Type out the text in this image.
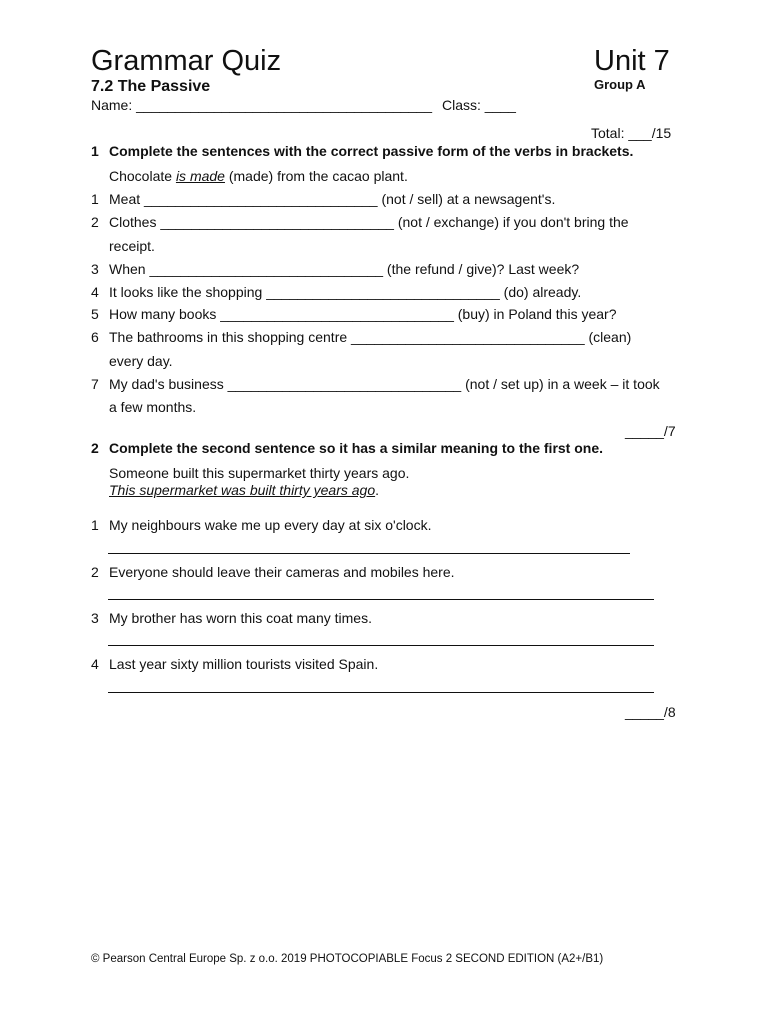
Grammar Quiz	Unit 7
7.2 The Passive	Group A
Name: ______________________________________ Class: ____
Total: ___/15
1 Complete the sentences with the correct passive form of the verbs in brackets.
Chocolate is made (made) from the cacao plant.
1 Meat ______________________________ (not / sell) at a newsagent's.
2 Clothes ______________________________ (not / exchange) if you don't bring the
receipt.
3 When ______________________________ (the refund / give)? Last week?
4 It looks like the shopping ______________________________ (do) already.
5 How many books ______________________________ (buy) in Poland this year?
6 The bathrooms in this shopping centre ______________________________ (clean)
every day.
7 My dad's business ______________________________ (not / set up) in a week – it took
a few months.
_____/7
2 Complete the second sentence so it has a similar meaning to the first one.
Someone built this supermarket thirty years ago.
This supermarket was built thirty years ago.
1 My neighbours wake me up every day at six o'clock.
2 Everyone should leave their cameras and mobiles here.
3 My brother has worn this coat many times.
4 Last year sixty million tourists visited Spain.
_____/8
© Pearson Central Europe Sp. z o.o. 2019 PHOTOCOPIABLE Focus 2 SECOND EDITION (A2+/B1)
